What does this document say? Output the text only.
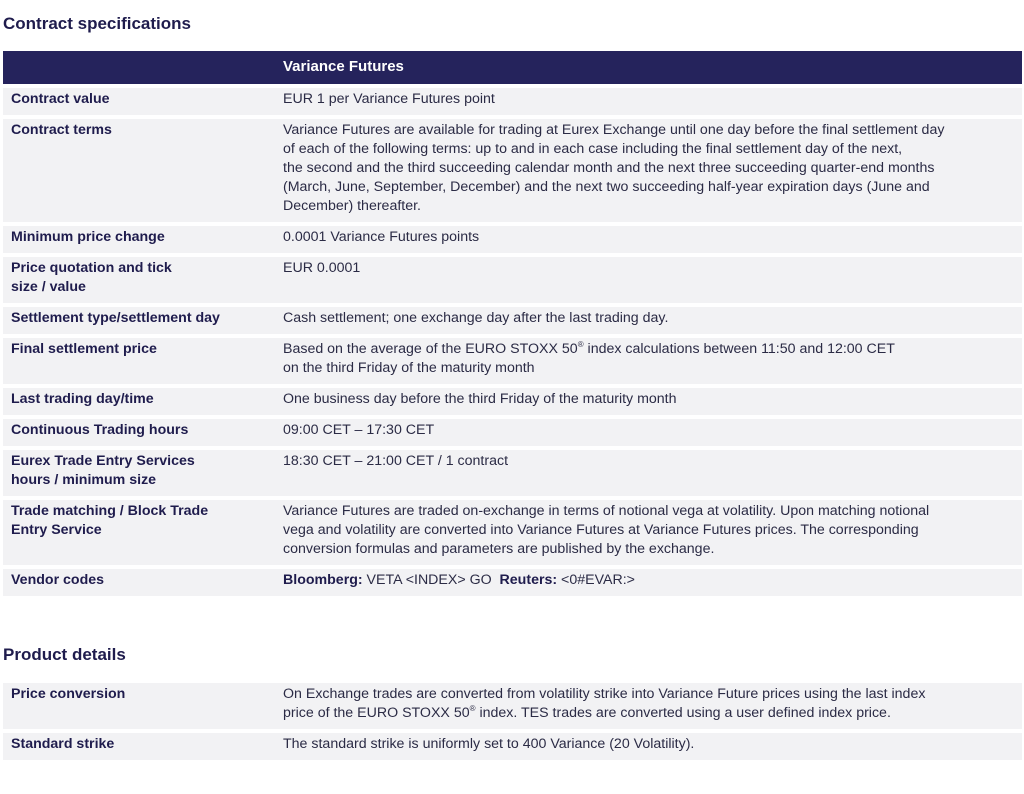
Contract specifications
	Variance Futures
Contract value	EUR 1 per Variance Futures point
Contract terms	Variance Futures are available for trading at Eurex Exchange until one day before the final settlement day
of each of the following terms: up to and in each case including the final settlement day of the next,
the second and the third succeeding calendar month and the next three succeeding quarter-end months
(March, June, September, December) and the next two succeeding half-year expiration days (June and
December) thereafter.
Minimum price change	0.0001 Variance Futures points
Price quotation and tick
size / value	EUR 0.0001
Settlement type/settlement day	Cash settlement; one exchange day after the last trading day.
Final settlement price	Based on the average of the EURO STOXX 50® index calculations between 11:50 and 12:00 CET
on the third Friday of the maturity month
Last trading day/time	One business day before the third Friday of the maturity month
Continuous Trading hours	09:00 CET – 17:30 CET
Eurex Trade Entry Services
hours / minimum size	18:30 CET – 21:00 CET / 1 contract
Trade matching / Block Trade
Entry Service	Variance Futures are traded on-exchange in terms of notional vega at volatility. Upon matching notional
vega and volatility are converted into Variance Futures at Variance Futures prices. The corresponding
conversion formulas and parameters are published by the exchange.
Vendor codes	Bloomberg: VETA <INDEX> GO  Reuters: <0#EVAR:>
Product details
Price conversion	On Exchange trades are converted from volatility strike into Variance Future prices using the last index
price of the EURO STOXX 50® index. TES trades are converted using a user defined index price.
Standard strike	The standard strike is uniformly set to 400 Variance (20 Volatility).
